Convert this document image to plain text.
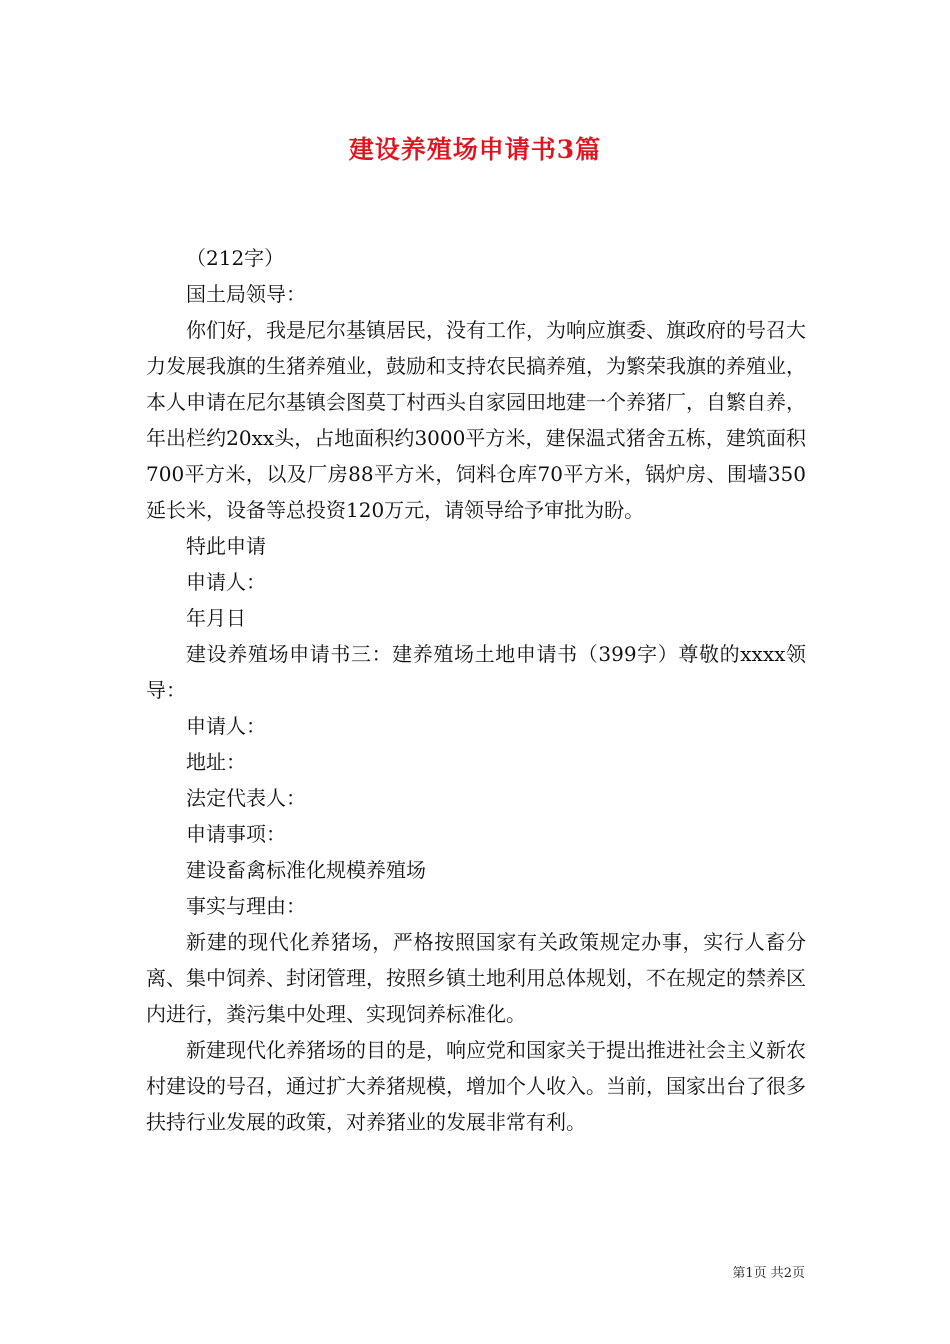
建设养殖场申请书3篇

（212字）

国土局领导：

你们好，我是尼尔基镇居民，没有工作，为响应旗委、旗政府的号召大力发展我旗的生猪养殖业，鼓励和支持农民搞养殖，为繁荣我旗的养殖业，本人申请在尼尔基镇会图莫丁村西头自家园田地建一个养猪厂，自繁自养，年出栏约20xx头，占地面积约3000平方米，建保温式猪舍五栋，建筑面积700平方米，以及厂房88平方米，饲料仓库70平方米，锅炉房、围墙350延长米，设备等总投资120万元，请领导给予审批为盼。

特此申请

申请人：

年月日

建设养殖场申请书三：建养殖场土地申请书（399字）尊敬的xxxx领导：

申请人：

地址：

法定代表人：

申请事项：

建设畜禽标准化规模养殖场

事实与理由：

新建的现代化养猪场，严格按照国家有关政策规定办事，实行人畜分离、集中饲养、封闭管理，按照乡镇土地利用总体规划，不在规定的禁养区内进行，粪污集中处理、实现饲养标准化。

新建现代化养猪场的目的是，响应党和国家关于提出推进社会主义新农村建设的号召，通过扩大养猪规模，增加个人收入。当前，国家出台了很多扶持行业发展的政策，对养猪业的发展非常有利。

第1页 共2页
